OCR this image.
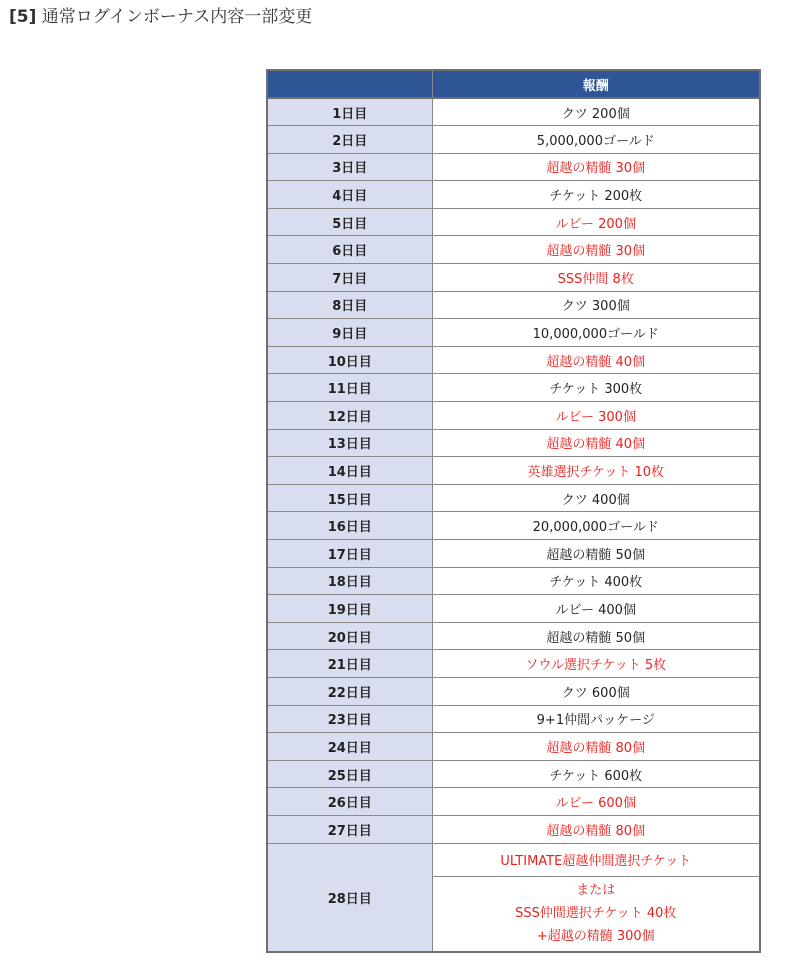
[5] 通常ログインボーナス内容一部変更
	報酬
1日目	クツ 200個
2日目	5,000,000ゴールド
3日目	超越の精髄 30個
4日目	チケット 200枚
5日目	ルビー 200個
6日目	超越の精髄 30個
7日目	SSS仲間 8枚
8日目	クツ 300個
9日目	10,000,000ゴールド
10日目	超越の精髄 40個
11日目	チケット 300枚
12日目	ルビー 300個
13日目	超越の精髄 40個
14日目	英雄選択チケット 10枚
15日目	クツ 400個
16日目	20,000,000ゴールド
17日目	超越の精髄 50個
18日目	チケット 400枚
19日目	ルビー 400個
20日目	超越の精髄 50個
21日目	ソウル選択チケット 5枚
22日目	クツ 600個
23日目	9+1仲間パッケージ
24日目	超越の精髄 80個
25日目	チケット 600枚
26日目	ルビー 600個
27日目	超越の精髄 80個
28日目	ULTIMATE超越仲間選択チケット

	または
SSS仲間選択チケット 40枚
+超越の精髄 300個
